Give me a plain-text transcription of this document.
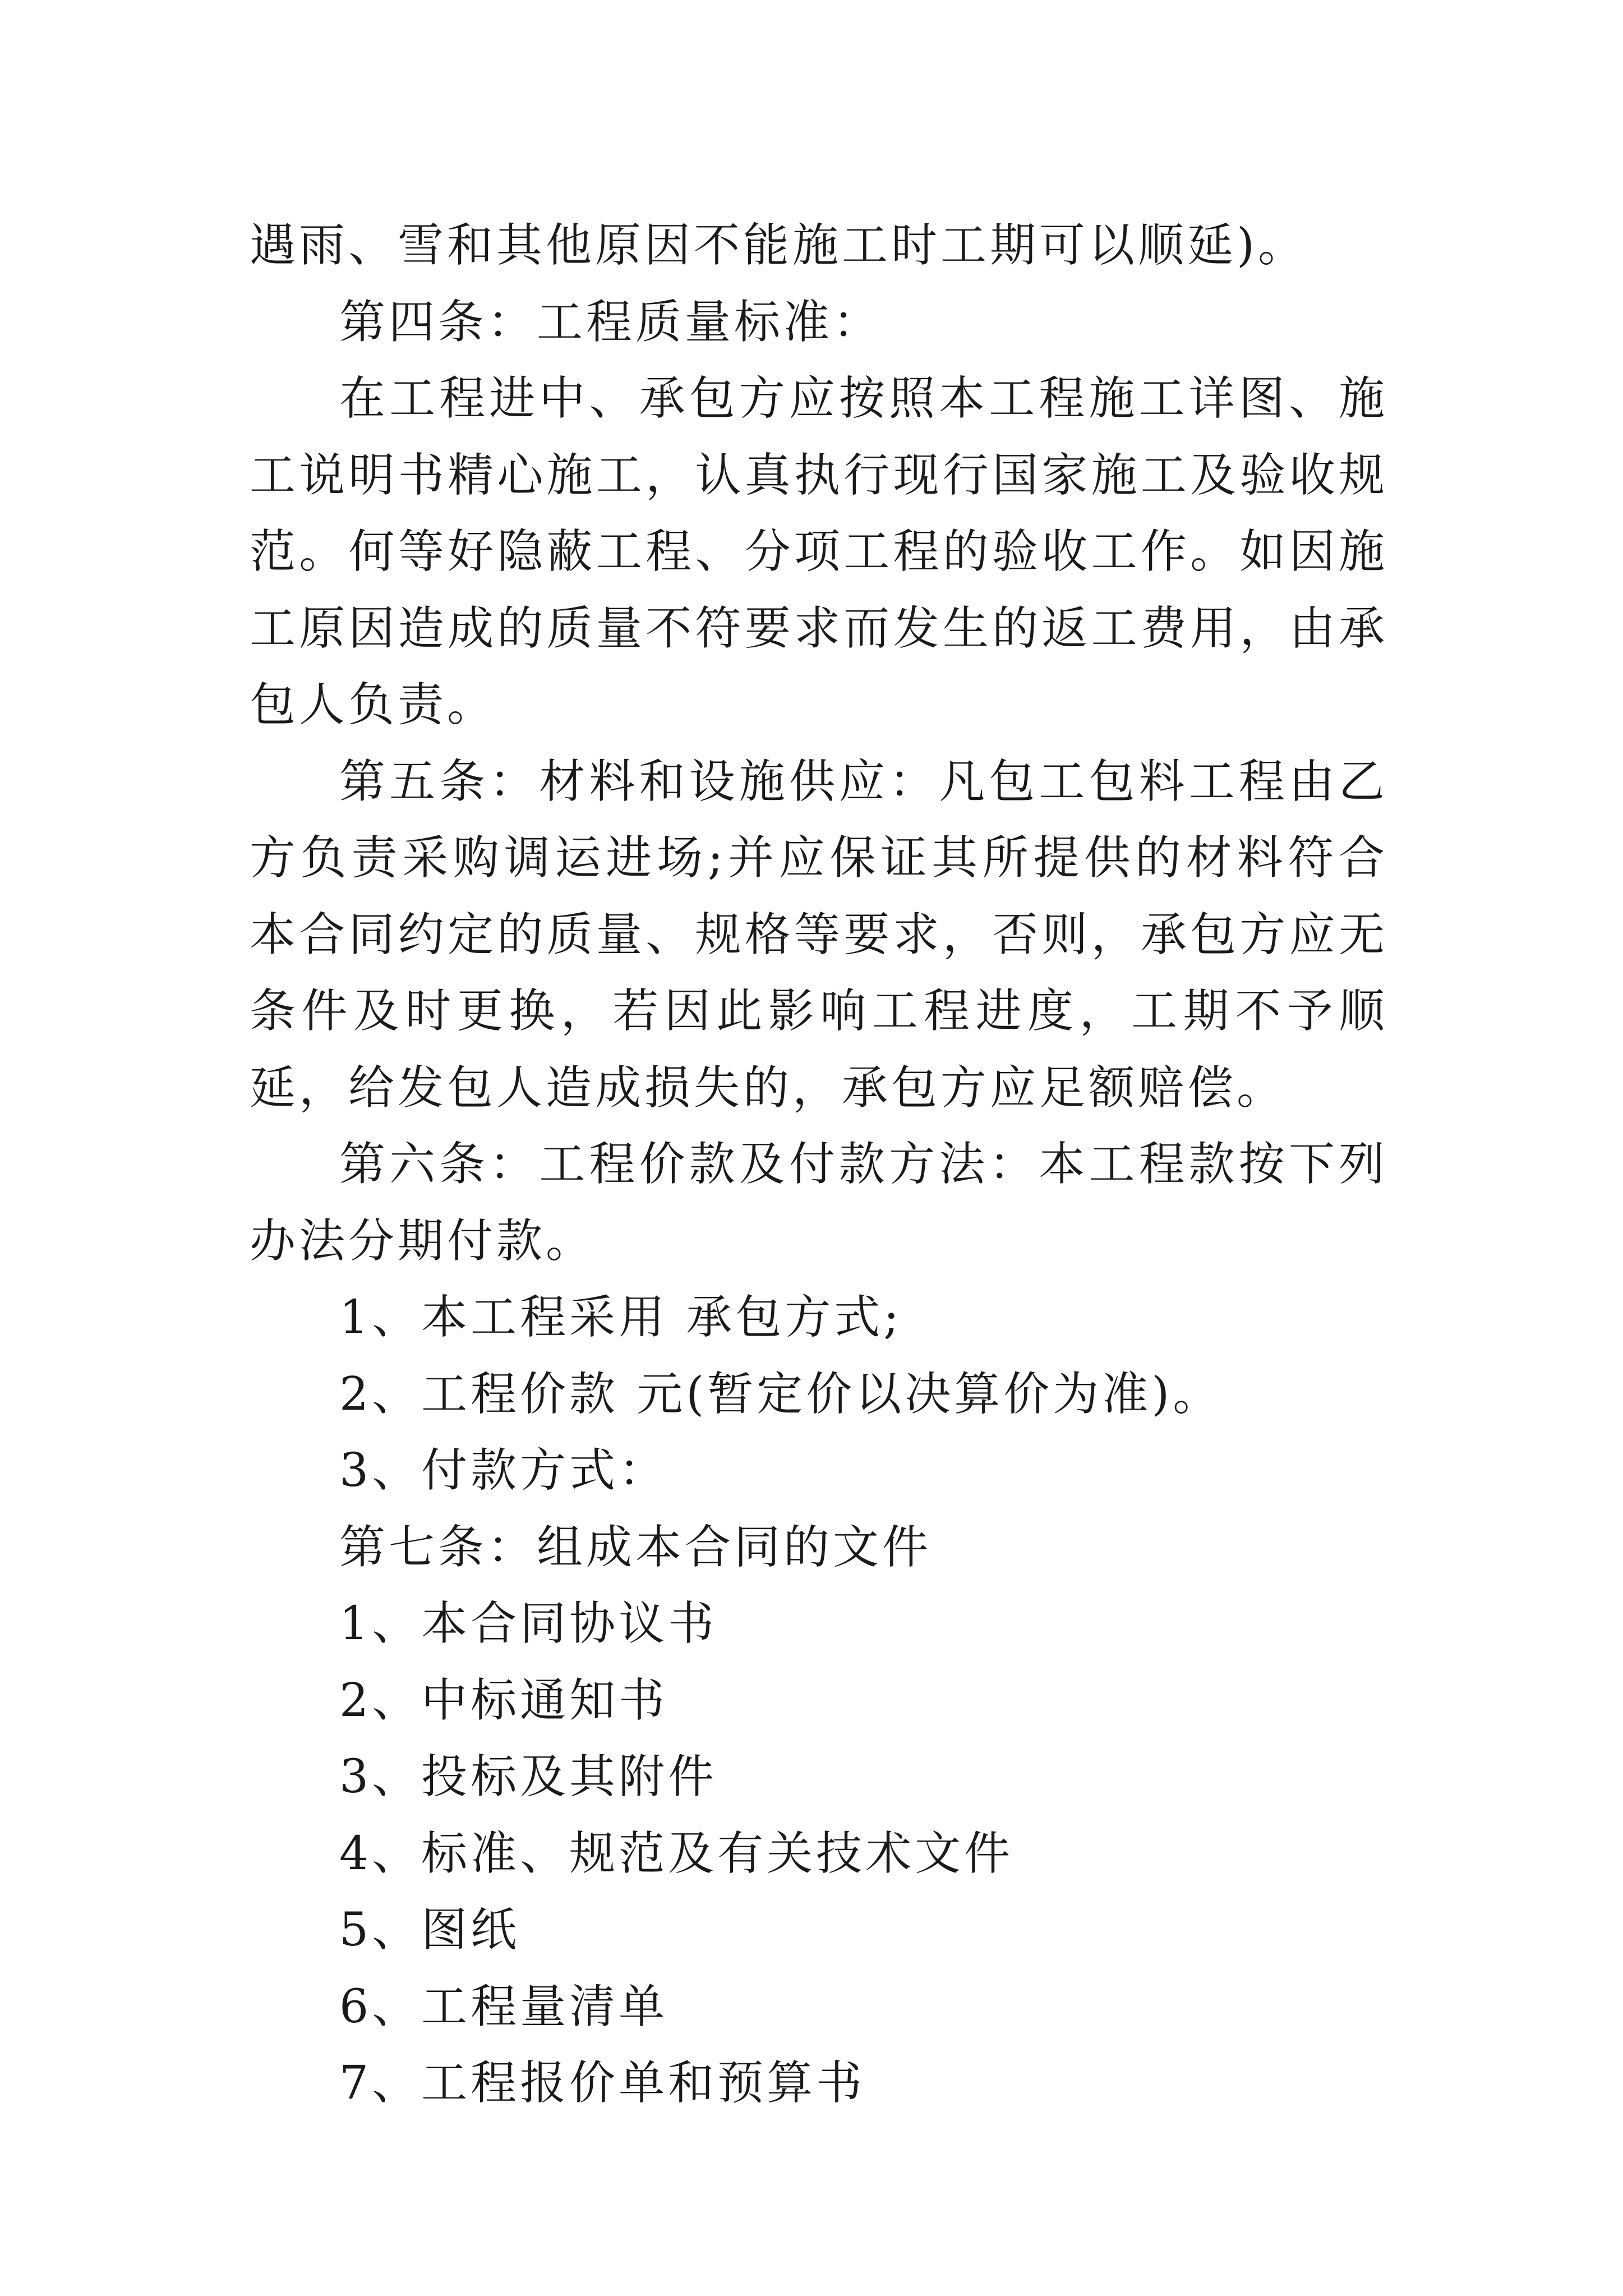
遇雨、雪和其他原因不能施工时工期可以顺延)。

第四条：工程质量标准：

在工程进中、承包方应按照本工程施工详图、施工说明书精心施工，认真执行现行国家施工及验收规范。何等好隐蔽工程、分项工程的验收工作。如因施工原因造成的质量不符要求而发生的返工费用，由承包人负责。

第五条：材料和设施供应：凡包工包料工程由乙方负责采购调运进场;并应保证其所提供的材料符合本合同约定的质量、规格等要求，否则，承包方应无条件及时更换，若因此影响工程进度，工期不予顺延，给发包人造成损失的，承包方应足额赔偿。

第六条：工程价款及付款方法：本工程款按下列办法分期付款。

1、本工程采用 承包方式;

2、工程价款 元(暂定价以决算价为准)。

3、付款方式：

第七条：组成本合同的文件

1、本合同协议书

2、中标通知书

3、投标及其附件

4、标准、规范及有关技术文件

5、图纸

6、工程量清单

7、工程报价单和预算书
